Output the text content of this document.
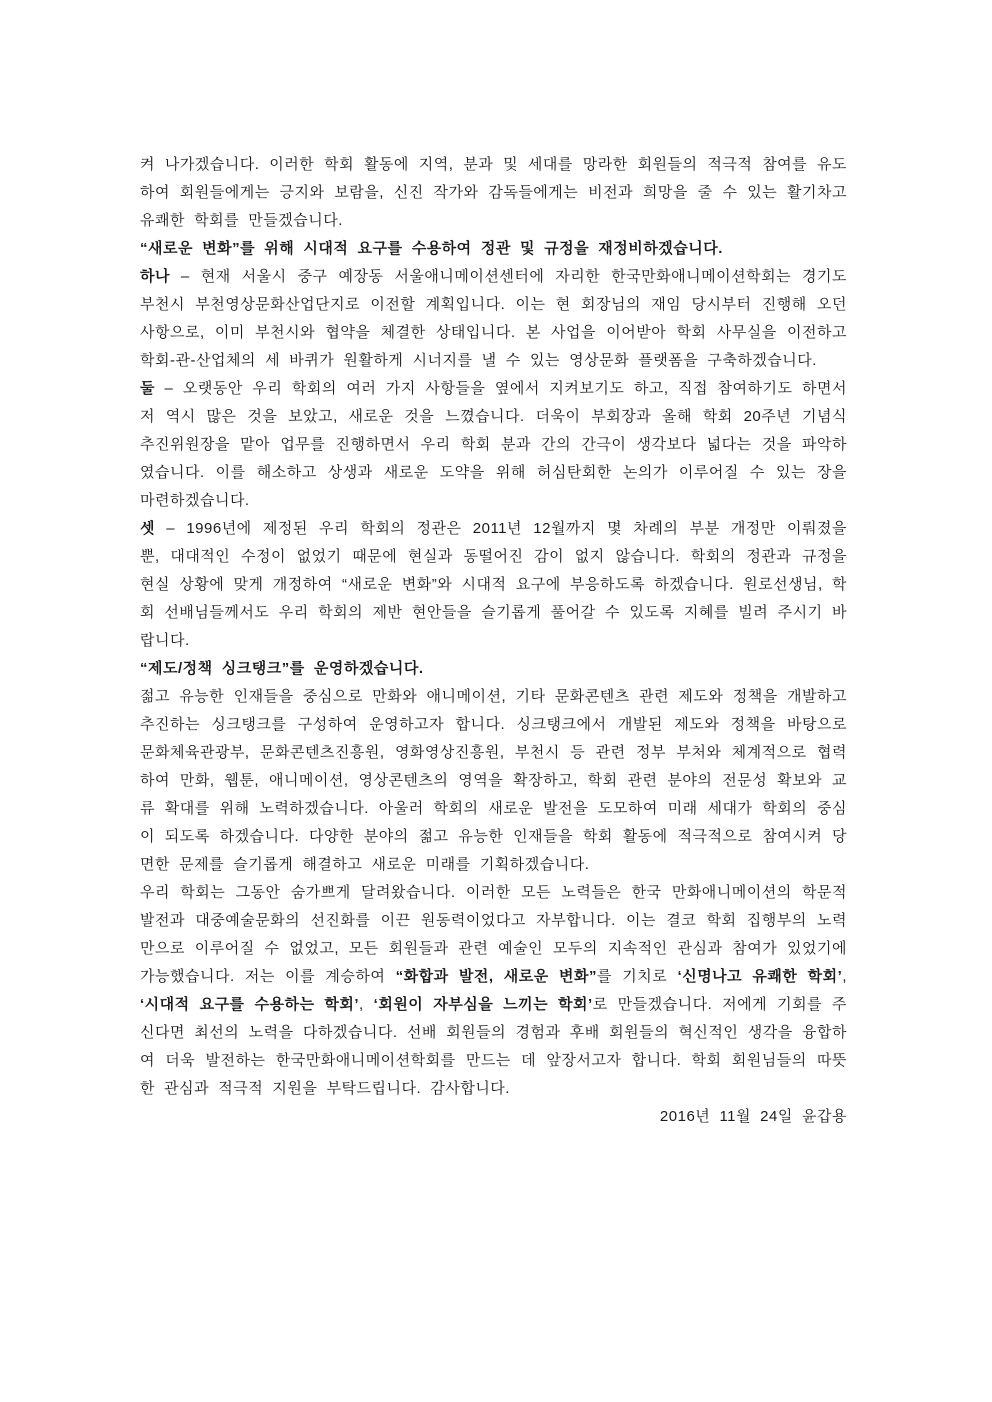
켜 나가겠습니다. 이러한 학회 활동에 지역, 분과 및 세대를 망라한 회원들의 적극적 참여를 유도하여 회원들에게는 긍지와 보람을, 신진 작가와 감독들에게는 비전과 희망을 줄 수 있는 활기차고 유쾌한 학회를 만들겠습니다.

“새로운 변화”를 위해 시대적 요구를 수용하여 정관 및 규정을 재정비하겠습니다.

하나 – 현재 서울시 중구 예장동 서울애니메이션센터에 자리한 한국만화애니메이션학회는 경기도 부천시 부천영상문화산업단지로 이전할 계획입니다. 이는 현 회장님의 재임 당시부터 진행해 오던 사항으로, 이미 부천시와 협약을 체결한 상태입니다. 본 사업을 이어받아 학회 사무실을 이전하고 학회-관-산업체의 세 바퀴가 원활하게 시너지를 낼 수 있는 영상문화 플랫폼을 구축하겠습니다.

둘 – 오랫동안 우리 학회의 여러 가지 사항들을 옆에서 지켜보기도 하고, 직접 참여하기도 하면서 저 역시 많은 것을 보았고, 새로운 것을 느꼈습니다. 더욱이 부회장과 올해 학회 20주년 기념식 추진위원장을 맡아 업무를 진행하면서 우리 학회 분과 간의 간극이 생각보다 넓다는 것을 파악하였습니다. 이를 해소하고 상생과 새로운 도약을 위해 허심탄회한 논의가 이루어질 수 있는 장을 마련하겠습니다.

셋 – 1996년에 제정된 우리 학회의 정관은 2011년 12월까지 몇 차례의 부분 개정만 이뤄졌을 뿐, 대대적인 수정이 없었기 때문에 현실과 동떨어진 감이 없지 않습니다. 학회의 정관과 규정을 현실 상황에 맞게 개정하여 “새로운 변화”와 시대적 요구에 부응하도록 하겠습니다. 원로선생님, 학회 선배님들께서도 우리 학회의 제반 현안들을 슬기롭게 풀어갈 수 있도록 지혜를 빌려 주시기 바랍니다.

“제도/정책 싱크탱크”를 운영하겠습니다.

젊고 유능한 인재들을 중심으로 만화와 애니메이션, 기타 문화콘텐츠 관련 제도와 정책을 개발하고 추진하는 싱크탱크를 구성하여 운영하고자 합니다. 싱크탱크에서 개발된 제도와 정책을 바탕으로 문화체육관광부, 문화콘텐츠진흥원, 영화영상진흥원, 부천시 등 관련 정부 부처와 체계적으로 협력하여 만화, 웹툰, 애니메이션, 영상콘텐츠의 영역을 확장하고, 학회 관련 분야의 전문성 확보와 교류 확대를 위해 노력하겠습니다. 아울러 학회의 새로운 발전을 도모하여 미래 세대가 학회의 중심이 되도록 하겠습니다. 다양한 분야의 젊고 유능한 인재들을 학회 활동에 적극적으로 참여시켜 당면한 문제를 슬기롭게 해결하고 새로운 미래를 기획하겠습니다.

우리 학회는 그동안 숨가쁘게 달려왔습니다. 이러한 모든 노력들은 한국 만화애니메이션의 학문적 발전과 대중예술문화의 선진화를 이끈 원동력이었다고 자부합니다. 이는 결코 학회 집행부의 노력만으로 이루어질 수 없었고, 모든 회원들과 관련 예술인 모두의 지속적인 관심과 참여가 있었기에 가능했습니다. 저는 이를 계승하여 “화합과 발전, 새로운 변화”를 기치로 ‘신명나고 유쾌한 학회’, ‘시대적 요구를 수용하는 학회’, ‘회원이 자부심을 느끼는 학회’로 만들겠습니다. 저에게 기회를 주신다면 최선의 노력을 다하겠습니다. 선배 회원들의 경험과 후배 회원들의 혁신적인 생각을 융합하여 더욱 발전하는 한국만화애니메이션학회를 만드는 데 앞장서고자 합니다. 학회 회원님들의 따뜻한 관심과 적극적 지원을 부탁드립니다. 감사합니다.

2016년 11월 24일 윤갑용
